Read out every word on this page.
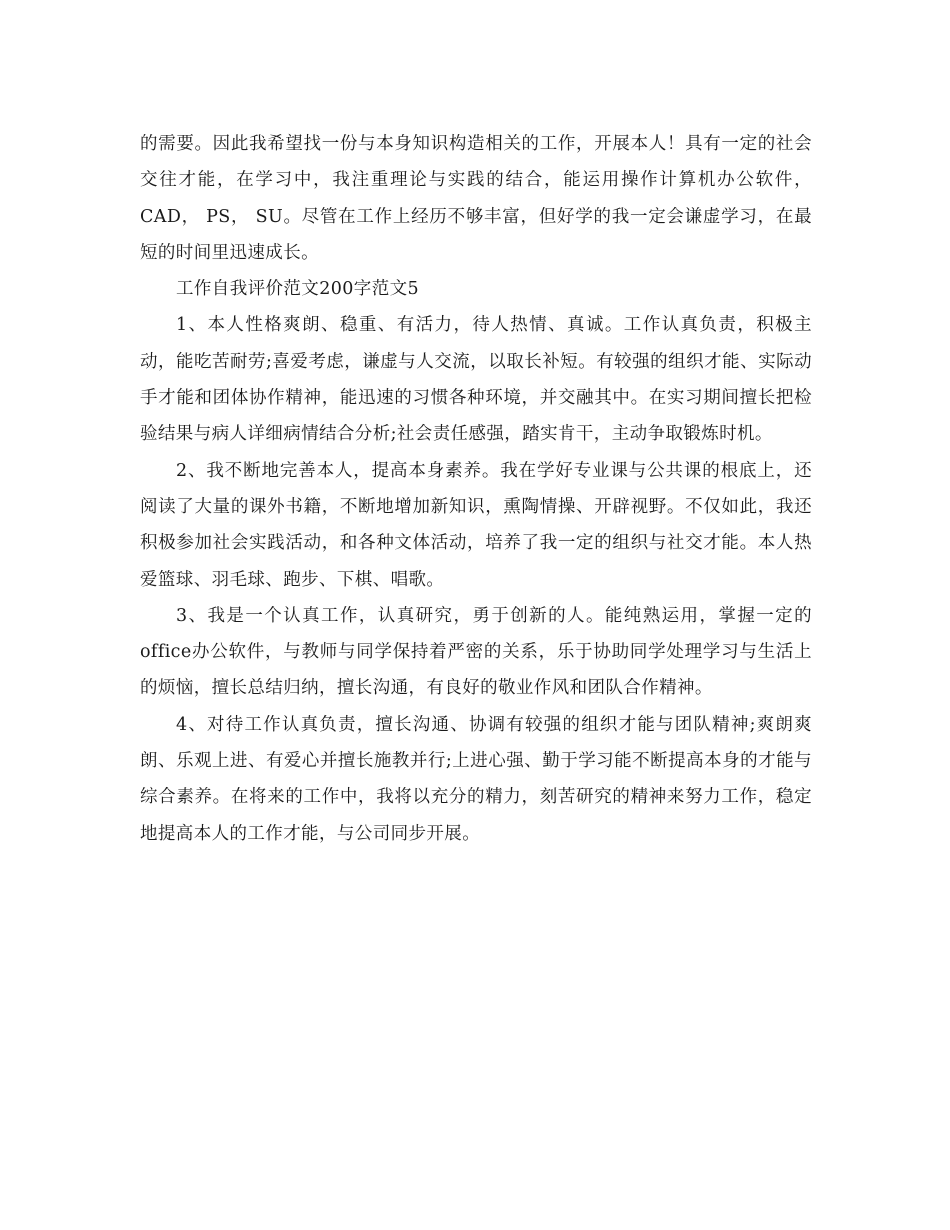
的需要。因此我希望找一份与本身知识构造相关的工作，开展本人！具有一定的社会交往才能，在学习中，我注重理论与实践的结合，能运用操作计算机办公软件，CAD， PS， SU。尽管在工作上经历不够丰富，但好学的我一定会谦虚学习，在最短的时间里迅速成长。

工作自我评价范文200字范文5

1、本人性格爽朗、稳重、有活力，待人热情、真诚。工作认真负责，积极主动，能吃苦耐劳;喜爱考虑，谦虚与人交流，以取长补短。有较强的组织才能、实际动手才能和团体协作精神，能迅速的习惯各种环境，并交融其中。在实习期间擅长把检验结果与病人详细病情结合分析;社会责任感强，踏实肯干，主动争取锻炼时机。

2、我不断地完善本人，提高本身素养。我在学好专业课与公共课的根底上，还阅读了大量的课外书籍，不断地增加新知识，熏陶情操、开辟视野。不仅如此，我还积极参加社会实践活动，和各种文体活动，培养了我一定的组织与社交才能。本人热爱篮球、羽毛球、跑步、下棋、唱歌。

3、我是一个认真工作，认真研究，勇于创新的人。能纯熟运用，掌握一定的office办公软件，与教师与同学保持着严密的关系，乐于协助同学处理学习与生活上的烦恼，擅长总结归纳，擅长沟通，有良好的敬业作风和团队合作精神。

4、对待工作认真负责，擅长沟通、协调有较强的组织才能与团队精神;爽朗爽朗、乐观上进、有爱心并擅长施教并行;上进心强、勤于学习能不断提高本身的才能与综合素养。在将来的工作中，我将以充分的精力，刻苦研究的精神来努力工作，稳定地提高本人的工作才能，与公司同步开展。
